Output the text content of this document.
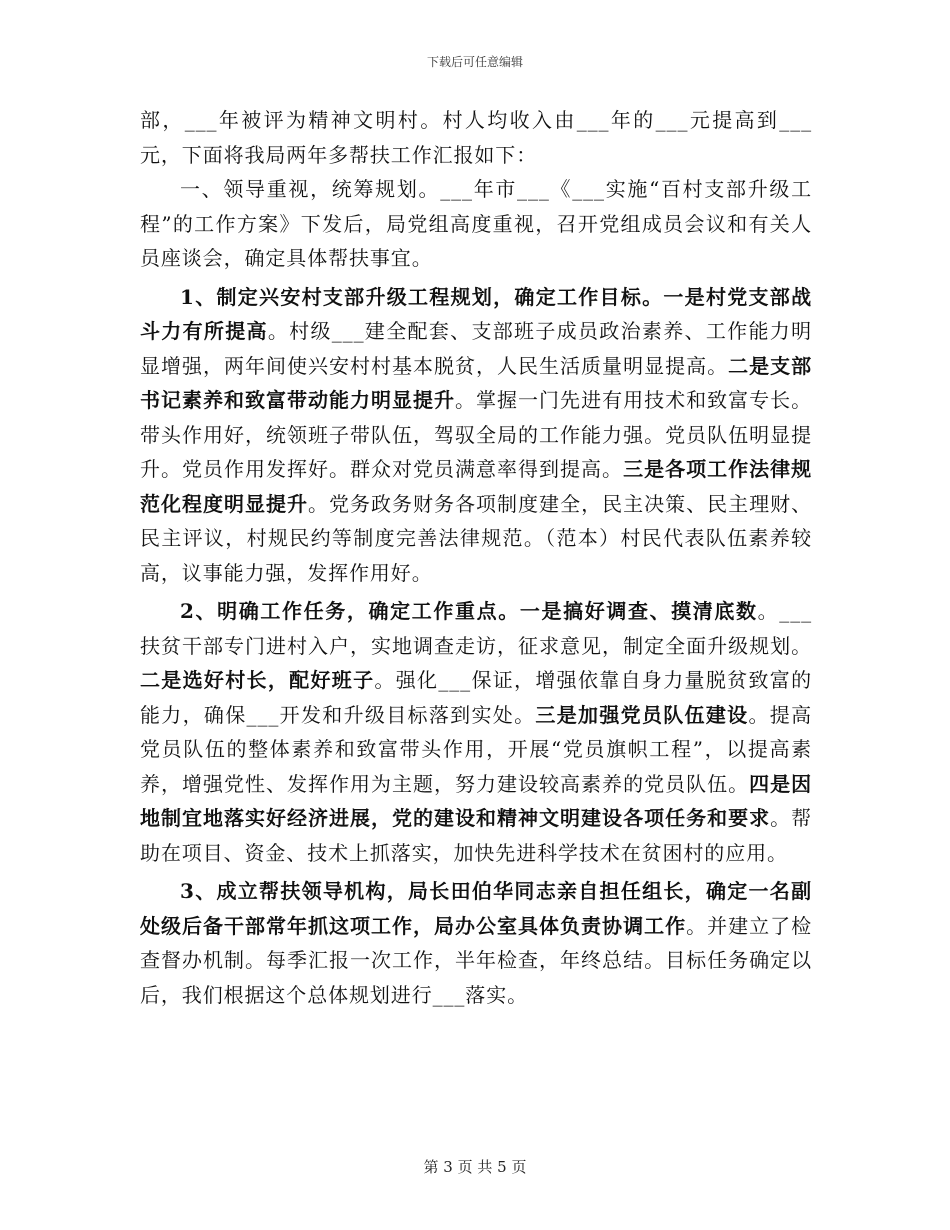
下载后可任意编辑

部，___年被评为精神文明村。村人均收入由___年的___元提高到___元，下面将我局两年多帮扶工作汇报如下：

一、领导重视，统筹规划。___年市___《___实施“百村支部升级工程”的工作方案》下发后，局党组高度重视，召开党组成员会议和有关人员座谈会，确定具体帮扶事宜。

1、制定兴安村支部升级工程规划，确定工作目标。一是村党支部战斗力有所提高。村级___建全配套、支部班子成员政治素养、工作能力明显增强，两年间使兴安村村基本脱贫，人民生活质量明显提高。二是支部书记素养和致富带动能力明显提升。掌握一门先进有用技术和致富专长。带头作用好，统领班子带队伍，驾驭全局的工作能力强。党员队伍明显提升。党员作用发挥好。群众对党员满意率得到提高。三是各项工作法律规范化程度明显提升。党务政务财务各项制度建全，民主决策、民主理财、民主评议，村规民约等制度完善法律规范。（范本）村民代表队伍素养较高，议事能力强，发挥作用好。

2、明确工作任务，确定工作重点。一是搞好调查、摸清底数。___扶贫干部专门进村入户，实地调查走访，征求意见，制定全面升级规划。二是选好村长，配好班子。强化___保证，增强依靠自身力量脱贫致富的能力，确保___开发和升级目标落到实处。三是加强党员队伍建设。提高党员队伍的整体素养和致富带头作用，开展“党员旗帜工程”，以提高素养，增强党性、发挥作用为主题，努力建设较高素养的党员队伍。四是因地制宜地落实好经济进展，党的建设和精神文明建设各项任务和要求。帮助在项目、资金、技术上抓落实，加快先进科学技术在贫困村的应用。

3、成立帮扶领导机构，局长田伯华同志亲自担任组长，确定一名副处级后备干部常年抓这项工作，局办公室具体负责协调工作。并建立了检查督办机制。每季汇报一次工作，半年检查，年终总结。目标任务确定以后，我们根据这个总体规划进行___落实。

第 3 页 共 5 页
